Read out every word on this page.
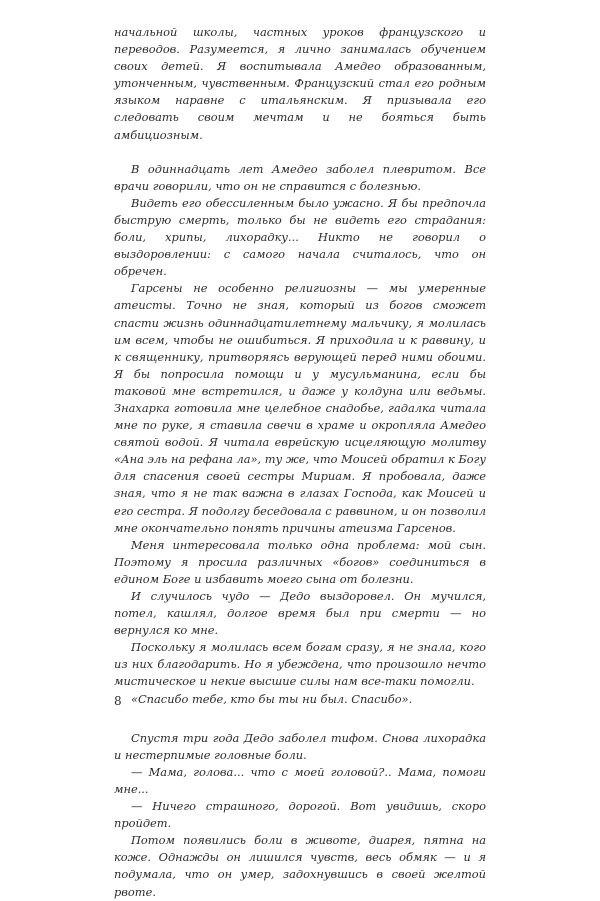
начальной школы, частных уроков французского и переводов. Разумеется, я лично занималась обучением своих детей. Я воспитывала Амедео образованным, утонченным, чувственным. Французский стал его родным языком наравне с итальянским. Я призывала его следовать своим мечтам и не бояться быть амбициозным.

В одиннадцать лет Амедео заболел плевритом. Все врачи говорили, что он не справится с болезнью.

Видеть его обессиленным было ужасно. Я бы предпочла быструю смерть, только бы не видеть его страдания: боли, хрипы, лихорадку... Никто не говорил о выздоровлении: с самого начала считалось, что он обречен.

Гарсены не особенно религиозны — мы умеренные атеисты. Точно не зная, который из богов сможет спасти жизнь одиннадцатилетнему мальчику, я молилась им всем, чтобы не ошибиться. Я приходила и к раввину, и к священнику, притворяясь верующей перед ними обоими. Я бы попросила помощи и у мусульманина, если бы таковой мне встретился, и даже у колдуна или ведьмы. Знахарка готовила мне целебное снадобье, гадалка читала мне по руке, я ставила свечи в храме и окропляла Амедео святой водой. Я читала еврейскую исцеляющую молитву «Ана эль на рефана ла», ту же, что Моисей обратил к Богу для спасения своей сестры Мириам. Я пробовала, даже зная, что я не так важна в глазах Господа, как Моисей и его сестра. Я подолгу беседовала с раввином, и он позволил мне окончательно понять причины атеизма Гарсенов.

Меня интересовала только одна проблема: мой сын. Поэтому я просила различных «богов» соединиться в едином Боге и избавить моего сына от болезни.

И случилось чудо — Дедо выздоровел. Он мучился, потел, кашлял, долгое время был при смерти — но вернулся ко мне.

Поскольку я молилась всем богам сразу, я не знала, кого из них благодарить. Но я убеждена, что произошло нечто мистическое и некие высшие силы нам все-таки помогли.

«Спасибо тебе, кто бы ты ни был. Спасибо».

Спустя три года Дедо заболел тифом. Снова лихорадка и нестерпимые головные боли.

— Мама, голова... что с моей головой?.. Мама, помоги мне...

— Ничего страшного, дорогой. Вот увидишь, скоро пройдет.

Потом появились боли в животе, диарея, пятна на коже. Однажды он лишился чувств, весь обмяк — и я подумала, что он умер, задохнувшись в своей желтой рвоте.

8
